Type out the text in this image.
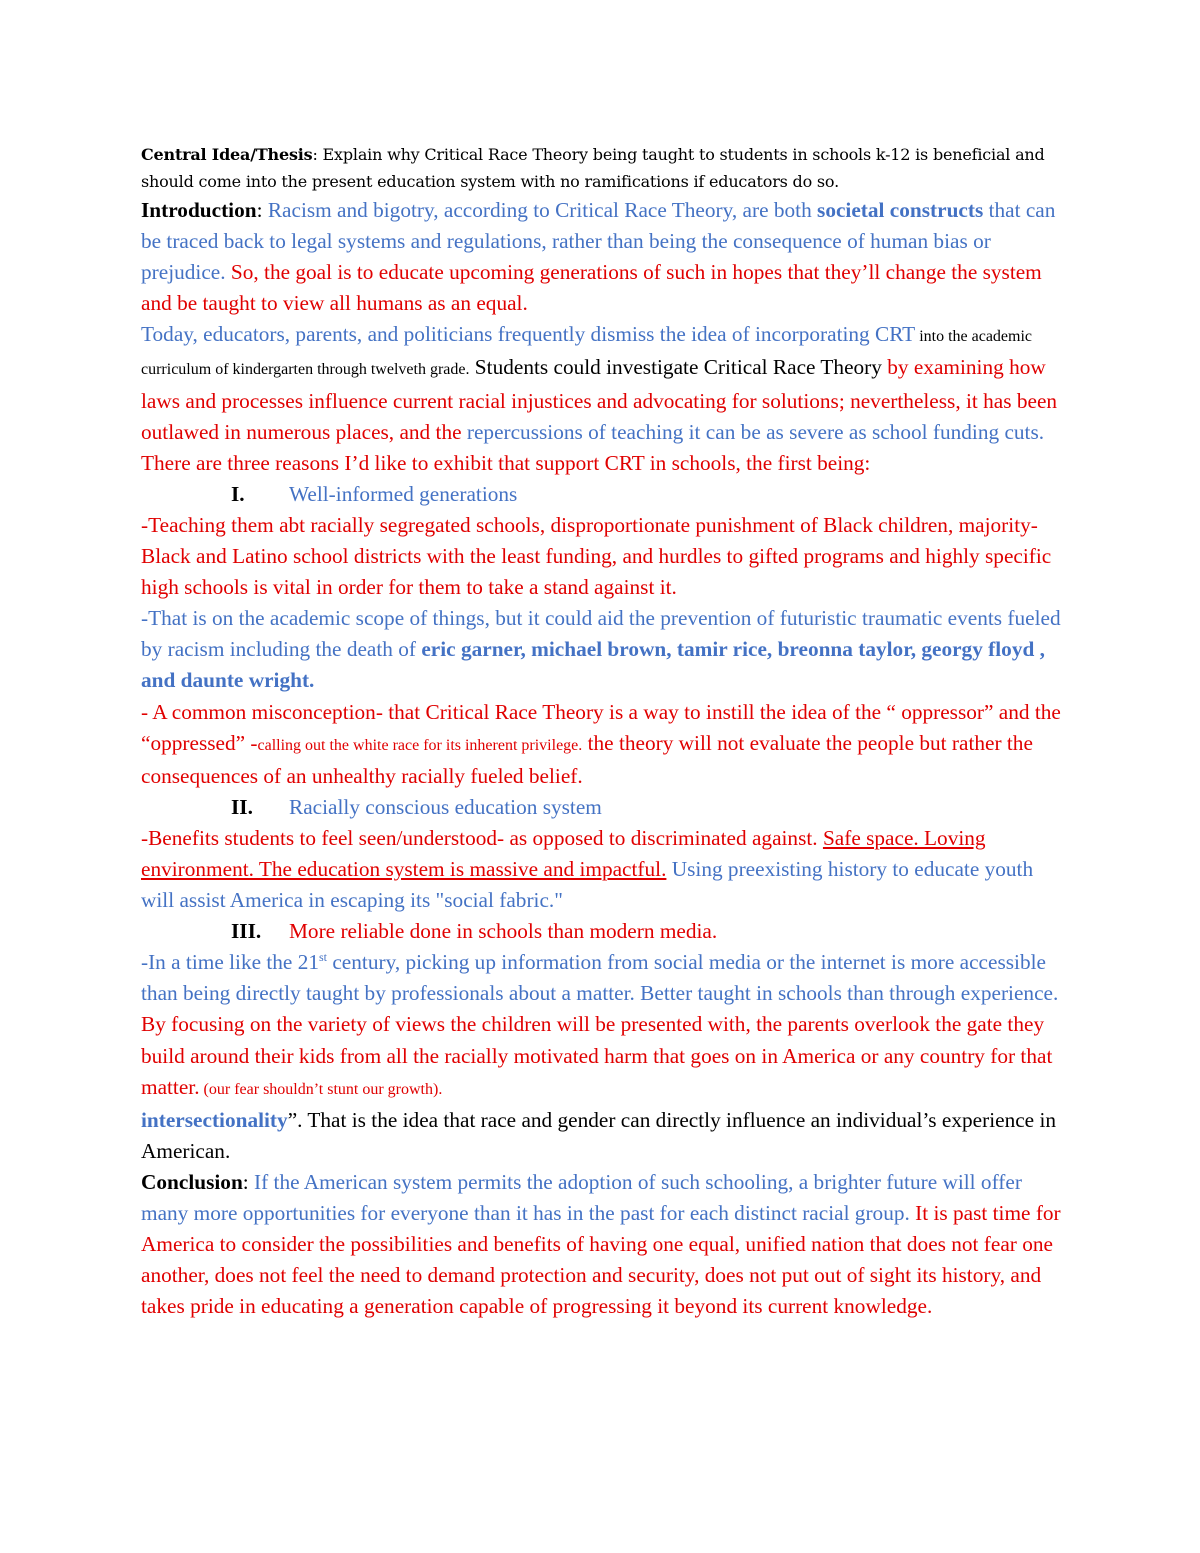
Central Idea/Thesis: Explain why Critical Race Theory being taught to students in schools k-12 is beneficial and should come into the present education system with no ramifications if educators do so.

Introduction: Racism and bigotry, according to Critical Race Theory, are both societal constructs that can be traced back to legal systems and regulations, rather than being the consequence of human bias or prejudice. So, the goal is to educate upcoming generations of such in hopes that they’ll change the system and be taught to view all humans as an equal.

Today, educators, parents, and politicians frequently dismiss the idea of incorporating CRT into the academic curriculum of kindergarten through twelveth grade. Students could investigate Critical Race Theory by examining how laws and processes influence current racial injustices and advocating for solutions; nevertheless, it has been outlawed in numerous places, and the repercussions of teaching it can be as severe as school funding cuts. There are three reasons I’d like to exhibit that support CRT in schools, the first being:

I. Well-informed generations

-Teaching them abt racially segregated schools, disproportionate punishment of Black children, majority-Black and Latino school districts with the least funding, and hurdles to gifted programs and highly specific high schools is vital in order for them to take a stand against it.

-That is on the academic scope of things, but it could aid the prevention of futuristic traumatic events fueled by racism including the death of eric garner, michael brown, tamir rice, breonna taylor, georgy floyd , and daunte wright.

- A common misconception- that Critical Race Theory is a way to instill the idea of the “ oppressor” and the “oppressed” -calling out the white race for its inherent privilege. the theory will not evaluate the people but rather the consequences of an unhealthy racially fueled belief.

II. Racially conscious education system

-Benefits students to feel seen/understood- as opposed to discriminated against. Safe space. Loving environment. The education system is massive and impactful. Using preexisting history to educate youth will assist America in escaping its "social fabric."

III. More reliable done in schools than modern media.

-In a time like the 21st century, picking up information from social media or the internet is more accessible than being directly taught by professionals about a matter. Better taught in schools than through experience. By focusing on the variety of views the children will be presented with, the parents overlook the gate they build around their kids from all the racially motivated harm that goes on in America or any country for that matter. (our fear shouldn’t stunt our growth).

intersectionality”. That is the idea that race and gender can directly influence an individual’s experience in American.

Conclusion: If the American system permits the adoption of such schooling, a brighter future will offer many more opportunities for everyone than it has in the past for each distinct racial group. It is past time for America to consider the possibilities and benefits of having one equal, unified nation that does not fear one another, does not feel the need to demand protection and security, does not put out of sight its history, and takes pride in educating a generation capable of progressing it beyond its current knowledge.
